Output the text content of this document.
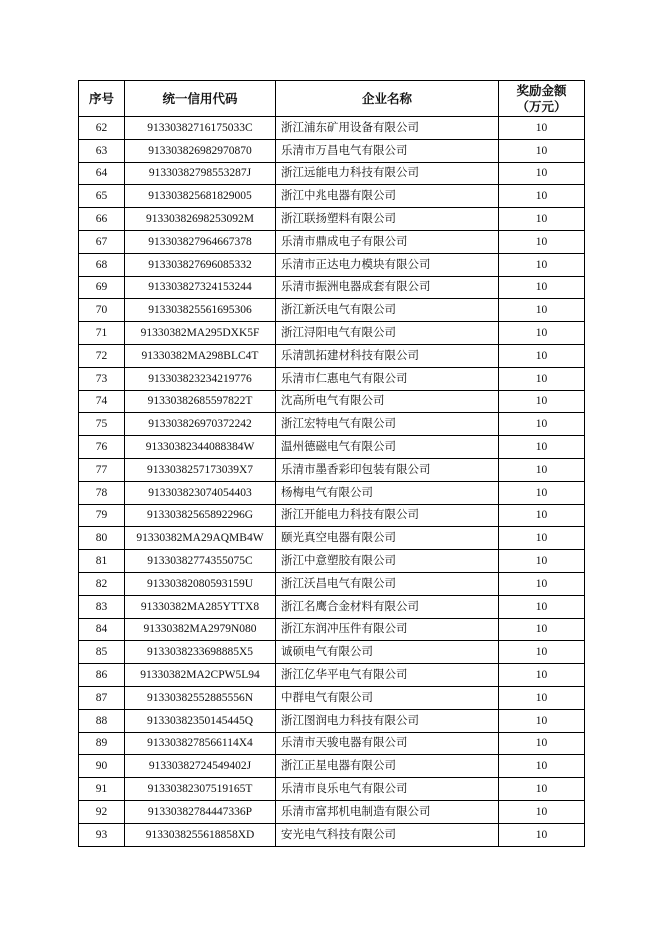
序号	统一信用代码	企业名称	奖励金额
（万元）
62	91330382716175033C	浙江浦东矿用设备有限公司	10
63	913303826982970870	乐清市万昌电气有限公司	10
64	91330382798553287J	浙江远能电力科技有限公司	10
65	913303825681829005	浙江中兆电器有限公司	10
66	91330382698253092M	浙江联扬塑料有限公司	10
67	913303827964667378	乐清市鼎成电子有限公司	10
68	913303827696085332	乐清市正达电力模块有限公司	10
69	913303827324153244	乐清市振洲电器成套有限公司	10
70	913303825561695306	浙江新沃电气有限公司	10
71	91330382MA295DXK5F	浙江浔阳电气有限公司	10
72	91330382MA298BLC4T	乐清凯拓建材科技有限公司	10
73	913303823234219776	乐清市仁惠电气有限公司	10
74	91330382685597822T	沈高所电气有限公司	10
75	913303826970372242	浙江宏特电气有限公司	10
76	91330382344088384W	温州德磁电气有限公司	10
77	9133038257173039X7	乐清市墨香彩印包装有限公司	10
78	913303823074054403	杨梅电气有限公司	10
79	91330382565892296G	浙江开能电力科技有限公司	10
80	91330382MA29AQMB4W	颐光真空电器有限公司	10
81	91330382774355075C	浙江中意塑胶有限公司	10
82	91330382080593159U	浙江沃昌电气有限公司	10
83	91330382MA285YTTX8	浙江名鹰合金材料有限公司	10
84	91330382MA2979N080	浙江东润冲压件有限公司	10
85	9133038233698885X5	诚硕电气有限公司	10
86	91330382MA2CPW5L94	浙江亿华平电气有限公司	10
87	91330382552885556N	中群电气有限公司	10
88	91330382350145445Q	浙江图润电力科技有限公司	10
89	9133038278566114X4	乐清市天骏电器有限公司	10
90	91330382724549402J	浙江正星电器有限公司	10
91	91330382307519165T	乐清市良乐电气有限公司	10
92	91330382784447336P	乐清市富邦机电制造有限公司	10
93	9133038255618858XD	安光电气科技有限公司	10
